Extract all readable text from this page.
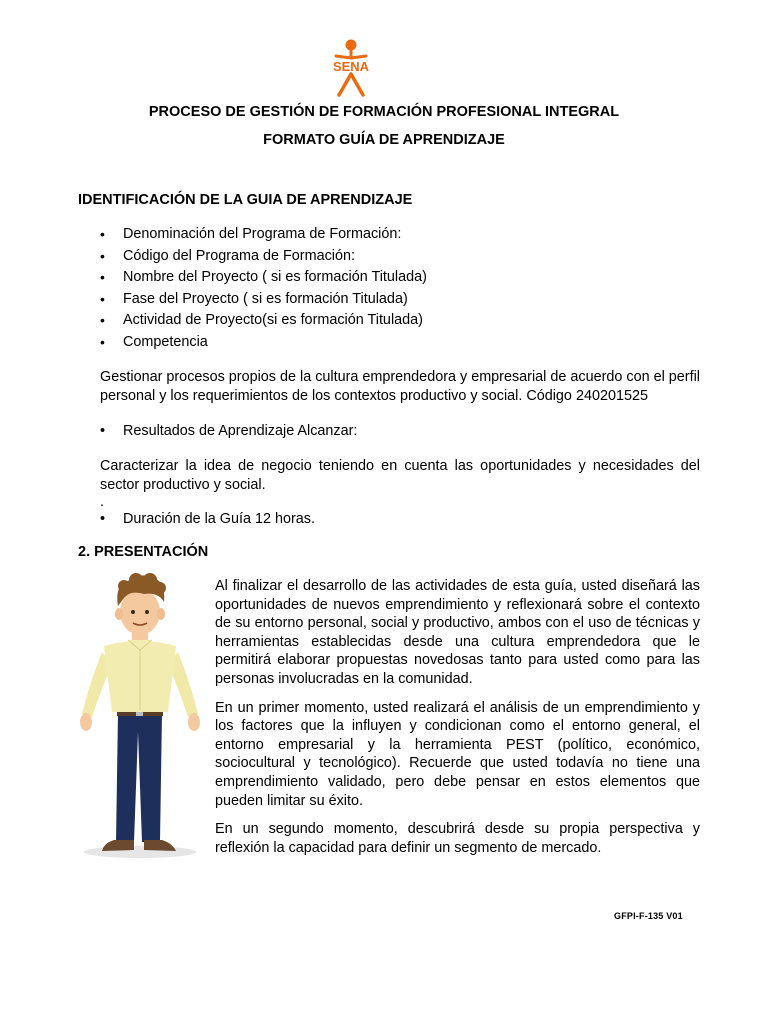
SENA
PROCESO DE GESTIÓN DE FORMACIÓN PROFESIONAL INTEGRAL
FORMATO GUÍA DE APRENDIZAJE
IDENTIFICACIÓN DE LA GUIA DE APRENDIZAJE
• Denominación del Programa de Formación:
• Código del Programa de Formación:
• Nombre del Proyecto ( si es formación Titulada)
• Fase del Proyecto ( si es formación Titulada)
• Actividad de Proyecto(si es formación Titulada)
• Competencia

Gestionar procesos propios de la cultura emprendedora y empresarial de acuerdo con el perfil personal y los requerimientos de los contextos productivo y social. Código 240201525

• Resultados de Aprendizaje Alcanzar:

Caracterizar la idea de negocio teniendo en cuenta las oportunidades y necesidades del sector productivo y social.

.
• Duración de la Guía 12 horas.
2. PRESENTACIÓN

Al finalizar el desarrollo de las actividades de esta guía, usted diseñará las oportunidades de nuevos emprendimiento y reflexionará sobre el contexto de su entorno personal, social y productivo, ambos con el uso de técnicas y herramientas establecidas desde una cultura emprendedora que le permitirá elaborar propuestas novedosas tanto para usted como para las personas involucradas en la comunidad.

En un primer momento, usted realizará el análisis de un emprendimiento y los factores que la influyen y condicionan como el entorno general, el entorno empresarial y la herramienta PEST (político, económico, sociocultural y tecnológico). Recuerde que usted todavía no tiene una emprendimiento validado, pero debe pensar en estos elementos que pueden limitar su éxito.

En un segundo momento, descubrirá desde su propia perspectiva y reflexión la capacidad para definir un segmento de mercado.

GFPI-F-135 V01
